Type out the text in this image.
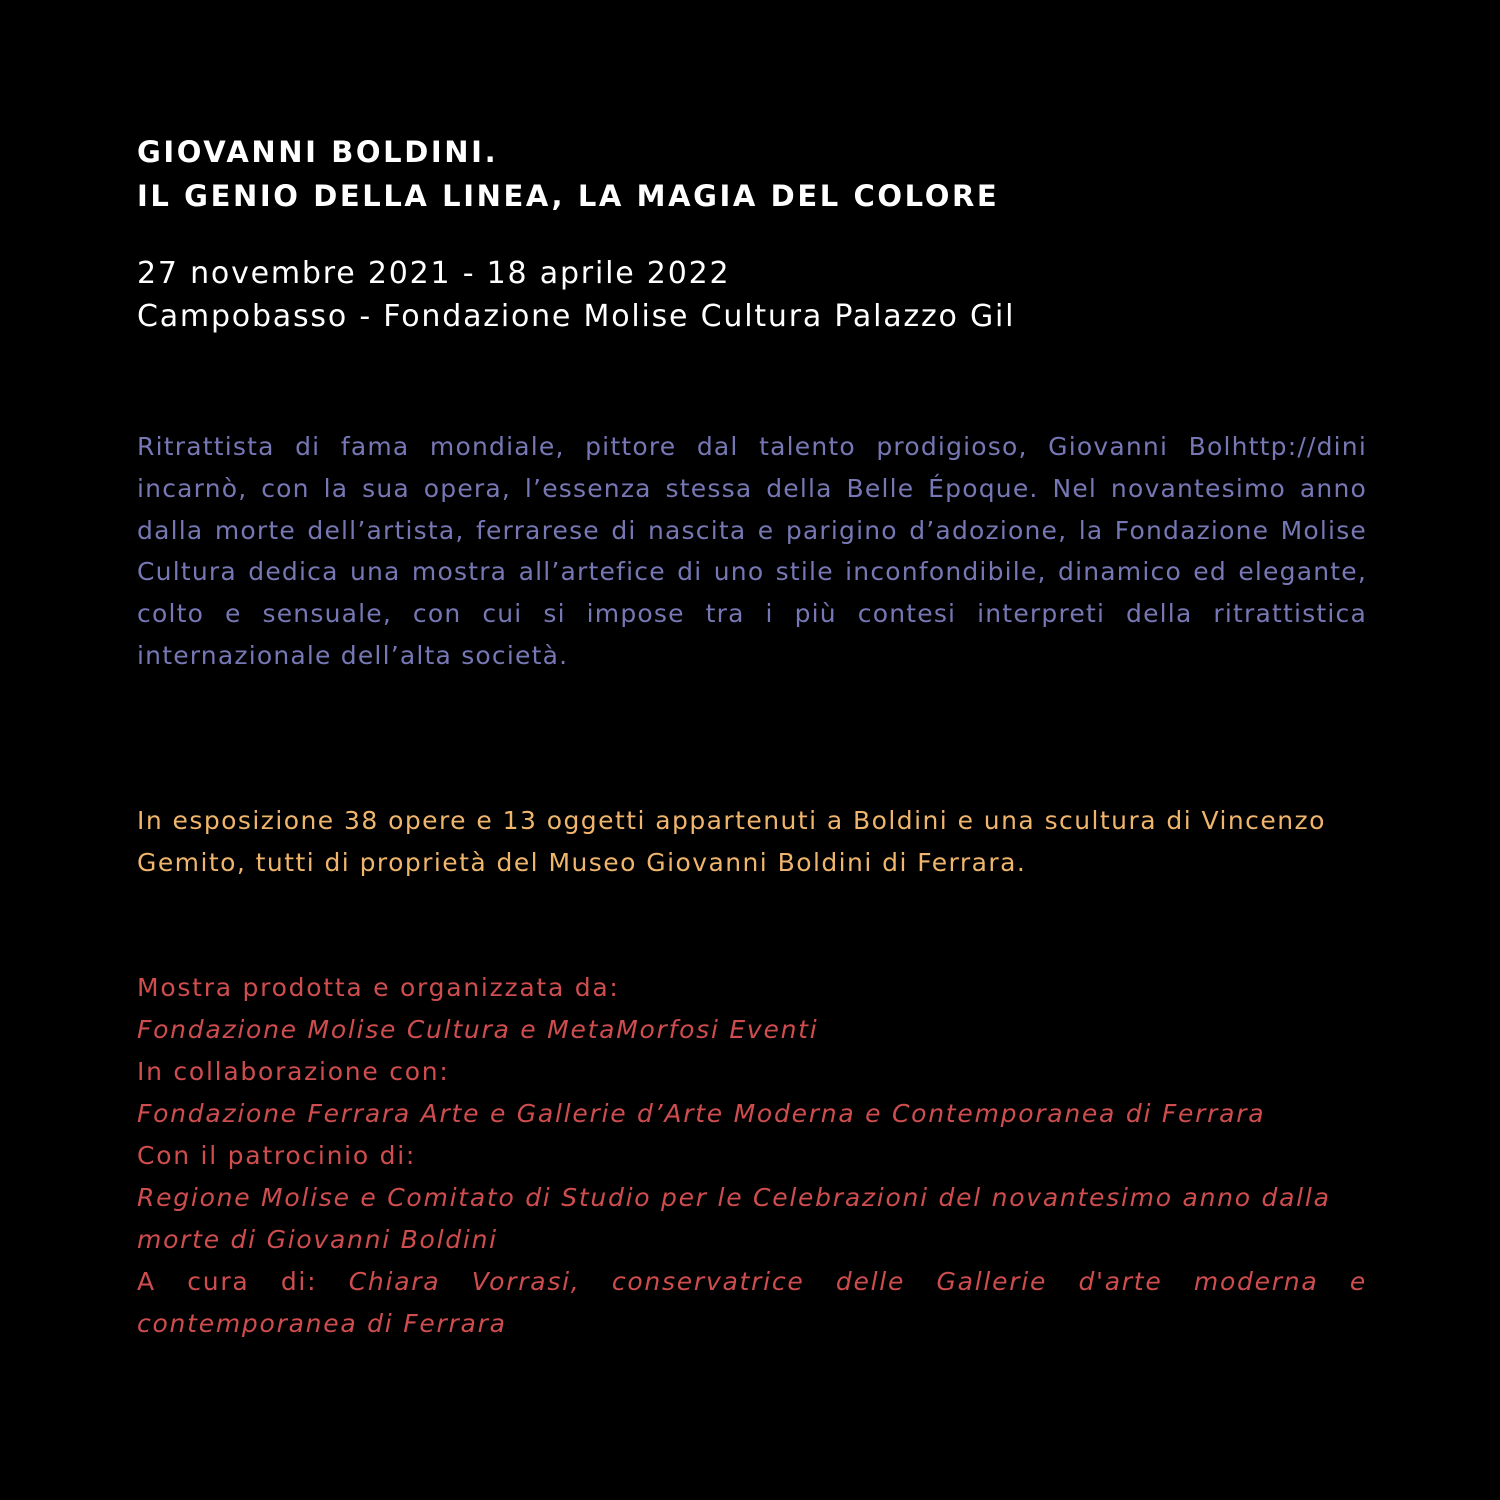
GIOVANNI BOLDINI.
IL GENIO DELLA LINEA, LA MAGIA DEL COLORE
27 novembre 2021 - 18 aprile 2022
Campobasso - Fondazione Molise Cultura Palazzo Gil

Ritrattista di fama mondiale, pittore dal talento prodigioso, Giovanni Bolhttp://dini incarnò, con la sua opera, l’essenza stessa della Belle Époque. Nel novantesimo anno dalla morte dell’artista, ferrarese di nascita e parigino d’adozione, la Fondazione Molise Cultura dedica una mostra all’artefice di uno stile inconfondibile, dinamico ed elegante, colto e sensuale, con cui si impose tra i più contesi interpreti della ritrattistica internazionale dell’alta società.

In esposizione 38 opere e 13 oggetti appartenuti a Boldini e una scultura di Vincenzo Gemito, tutti di proprietà del Museo Giovanni Boldini di Ferrara.

Mostra prodotta e organizzata da:
Fondazione Molise Cultura e MetaMorfosi Eventi
In collaborazione con:
Fondazione Ferrara Arte e Gallerie d’Arte Moderna e Contemporanea di Ferrara
Con il patrocinio di:
Regione Molise e Comitato di Studio per le Celebrazioni del novantesimo anno dalla morte di Giovanni Boldini
A cura di: Chiara Vorrasi, conservatrice delle Gallerie d'arte moderna e contemporanea di Ferrara
